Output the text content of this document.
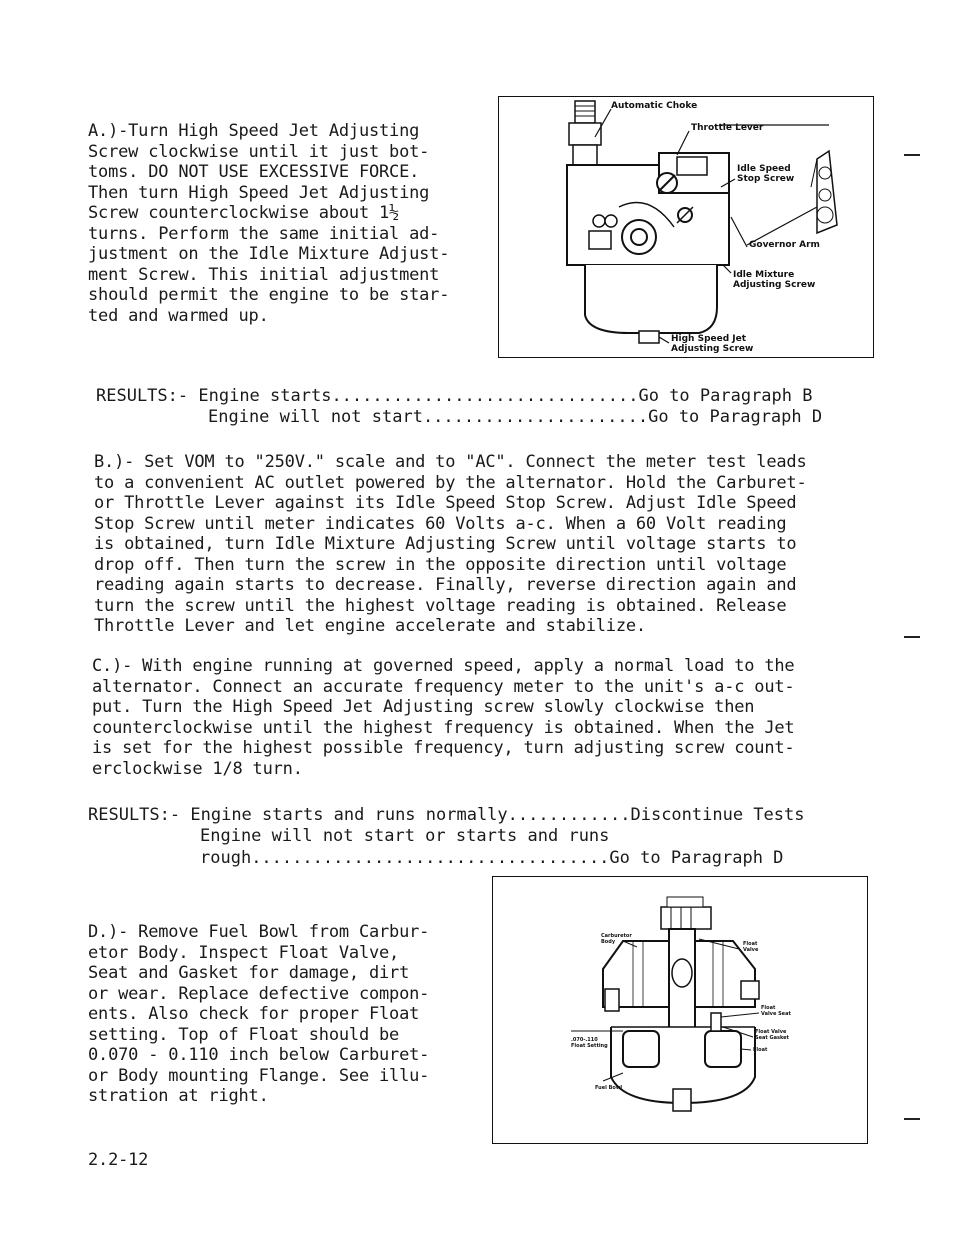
A.)-Turn High Speed Jet Adjusting
Screw clockwise until it just bot-
toms. DO NOT USE EXCESSIVE FORCE.
Then turn High Speed Jet Adjusting
Screw counterclockwise about 1½
turns. Perform the same initial ad-
justment on the Idle Mixture Adjust-
ment Screw. This initial adjustment
should permit the engine to be star-
ted and warmed up.
Automatic Choke
Throttle Lever
Idle Speed
Stop Screw
Governor Arm
Idle Mixture
Adjusting Screw
High Speed Jet
Adjusting Screw
RESULTS:- Engine starts..............................Go to Paragraph B
Engine will not start......................Go to Paragraph D
B.)- Set VOM to "250V." scale and to "AC". Connect the meter test leads
to a convenient AC outlet powered by the alternator. Hold the Carburet-
or Throttle Lever against its Idle Speed Stop Screw. Adjust Idle Speed
Stop Screw until meter indicates 60 Volts a-c. When a 60 Volt reading
is obtained, turn Idle Mixture Adjusting Screw until voltage starts to
drop off. Then turn the screw in the opposite direction until voltage
reading again starts to decrease. Finally, reverse direction again and
turn the screw until the highest voltage reading is obtained. Release
Throttle Lever and let engine accelerate and stabilize.
C.)- With engine running at governed speed, apply a normal load to the
alternator. Connect an accurate frequency meter to the unit's a-c out-
put. Turn the High Speed Jet Adjusting screw slowly clockwise then
counterclockwise until the highest frequency is obtained. When the Jet
is set for the highest possible frequency, turn adjusting screw count-
erclockwise 1/8 turn.
RESULTS:- Engine starts and runs normally............Discontinue Tests
Engine will not start or starts and runs
rough...................................Go to Paragraph D
D.)- Remove Fuel Bowl from Carbur-
etor Body. Inspect Float Valve,
Seat and Gasket for damage, dirt
or wear. Replace defective compon-
ents. Also check for proper Float
setting. Top of Float should be
0.070 - 0.110 inch below Carburet-
or Body mounting Flange. See illu-
stration at right.
Carburetor
Body	Float
Valve
Float
Valve Seat
Float Valve
Seat Gasket
Float
.070-.110
Float Setting
Fuel Bowl
2.2-12
